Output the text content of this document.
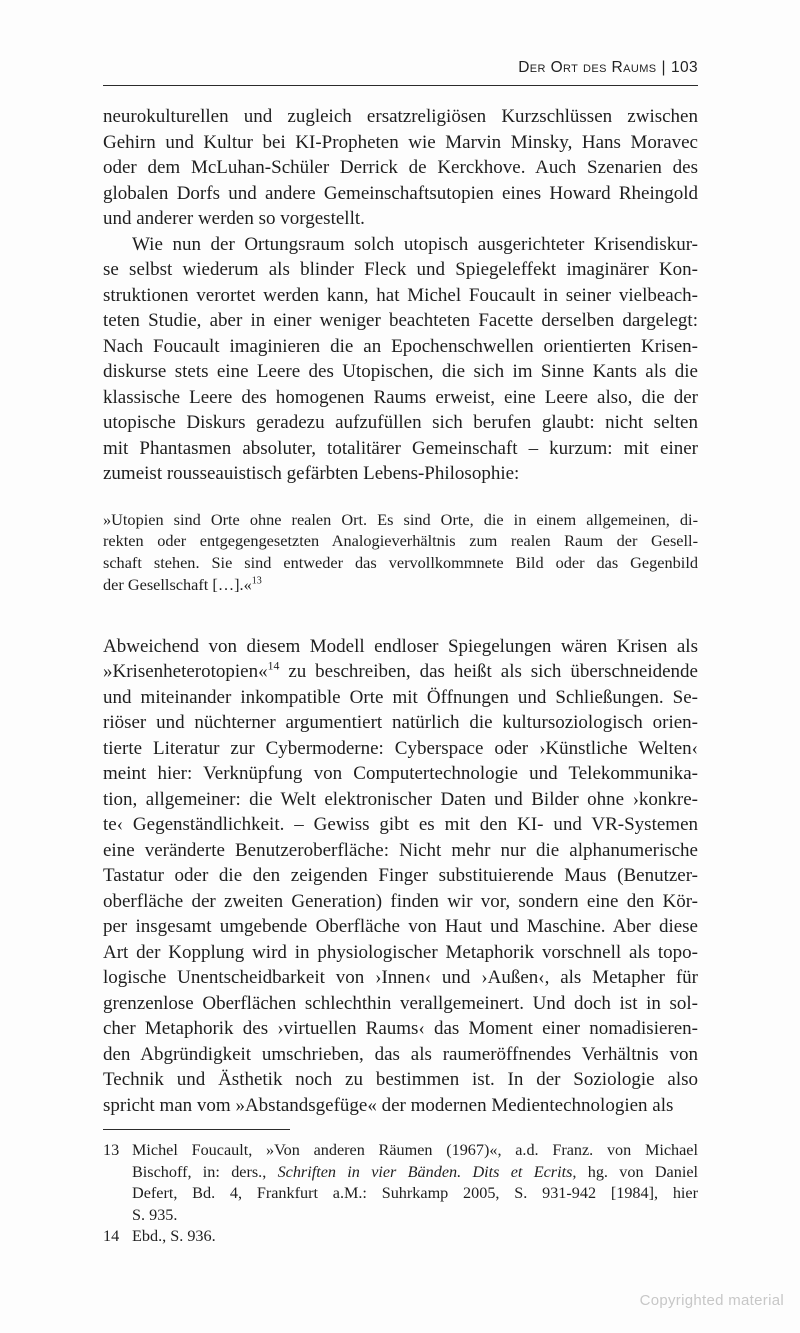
Der Ort des Raums | 103
neurokulturellen und zugleich ersatzreligiösen Kurzschlüssen zwischen
Gehirn und Kultur bei KI-Propheten wie Marvin Minsky, Hans Moravec
oder dem McLuhan-Schüler Derrick de Kerckhove. Auch Szenarien des
globalen Dorfs und andere Gemeinschaftsutopien eines Howard Rheingold
und anderer werden so vorgestellt.
Wie nun der Ortungsraum solch utopisch ausgerichteter Krisendiskur-
se selbst wiederum als blinder Fleck und Spiegeleffekt imaginärer Kon-
struktionen verortet werden kann, hat Michel Foucault in seiner vielbeach-
teten Studie, aber in einer weniger beachteten Facette derselben dargelegt:
Nach Foucault imaginieren die an Epochenschwellen orientierten Krisen-
diskurse stets eine Leere des Utopischen, die sich im Sinne Kants als die
klassische Leere des homogenen Raums erweist, eine Leere also, die der
utopische Diskurs geradezu aufzufüllen sich berufen glaubt: nicht selten
mit Phantasmen absoluter, totalitärer Gemeinschaft – kurzum: mit einer
zumeist rousseauistisch gefärbten Lebens-Philosophie:
»Utopien sind Orte ohne realen Ort. Es sind Orte, die in einem allgemeinen, di-
rekten oder entgegengesetzten Analogieverhältnis zum realen Raum der Gesell-
schaft stehen. Sie sind entweder das vervollkommnete Bild oder das Gegenbild
der Gesellschaft […].«$^{13}$
Abweichend von diesem Modell endloser Spiegelungen wären Krisen als
»Krisenheterotopien«$^{14}$ zu beschreiben, das heißt als sich überschneidende
und miteinander inkompatible Orte mit Öffnungen und Schließungen. Se-
riöser und nüchterner argumentiert natürlich die kultursoziologisch orien-
tierte Literatur zur Cybermoderne: Cyberspace oder ›Künstliche Welten‹
meint hier: Verknüpfung von Computertechnologie und Telekommunika-
tion, allgemeiner: die Welt elektronischer Daten und Bilder ohne ›konkre-
te‹ Gegenständlichkeit. – Gewiss gibt es mit den KI- und VR-Systemen
eine veränderte Benutzeroberfläche: Nicht mehr nur die alphanumerische
Tastatur oder die den zeigenden Finger substituierende Maus (Benutzer-
oberfläche der zweiten Generation) finden wir vor, sondern eine den Kör-
per insgesamt umgebende Oberfläche von Haut und Maschine. Aber diese
Art der Kopplung wird in physiologischer Metaphorik vorschnell als topo-
logische Unentscheidbarkeit von ›Innen‹ und ›Außen‹, als Metapher für
grenzenlose Oberflächen schlechthin verallgemeinert. Und doch ist in sol-
cher Metaphorik des ›virtuellen Raums‹ das Moment einer nomadisieren-
den Abgründigkeit umschrieben, das als raumeröffnendes Verhältnis von
Technik und Ästhetik noch zu bestimmen ist. In der Soziologie also
spricht man vom »Abstandsgefüge« der modernen Medientechnologien als
13 Michel Foucault, »Von anderen Räumen (1967)«, a.d. Franz. von Michael
Bischoff, in: ders., Schriften in vier Bänden. Dits et Ecrits, hg. von Daniel
Defert, Bd. 4, Frankfurt a.M.: Suhrkamp 2005, S. 931-942 [1984], hier
S. 935.
14 Ebd., S. 936.
Copyrighted material
